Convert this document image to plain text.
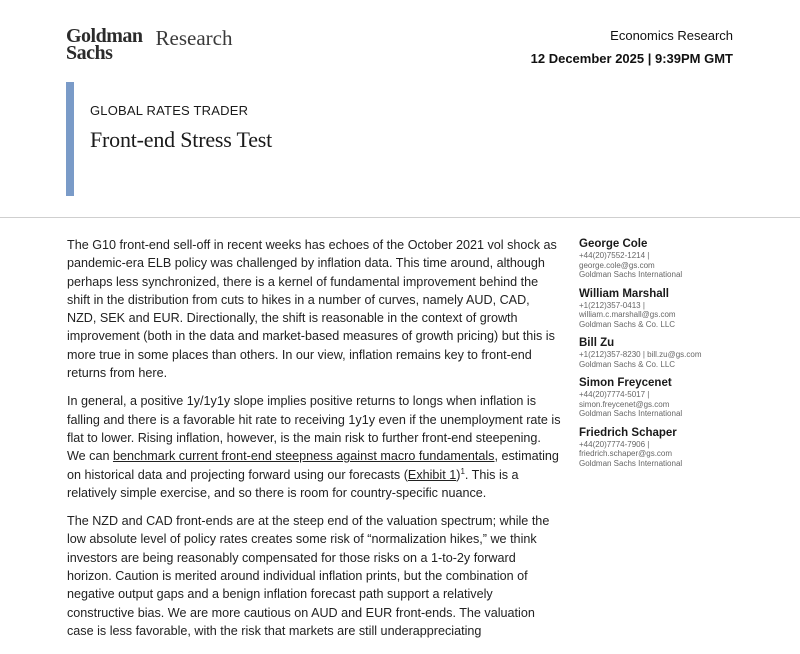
Goldman
Sachs
Research	Economics Research
12 December 2025 | 9:39PM GMT
GLOBAL RATES TRADER
Front-end Stress Test

The G10 front-end sell-off in recent weeks has echoes of the October 2021 vol shock as pandemic-era ELB policy was challenged by inflation data. This time around, although perhaps less synchronized, there is a kernel of fundamental improvement behind the shift in the distribution from cuts to hikes in a number of curves, namely AUD, CAD, NZD, SEK and EUR. Directionally, the shift is reasonable in the context of growth improvement (both in the data and market-based measures of growth pricing) but this is more true in some places than others. In our view, inflation remains key to front-end returns from here.

In general, a positive 1y/1y1y slope implies positive returns to longs when inflation is falling and there is a favorable hit rate to receiving 1y1y even if the unemployment rate is flat to lower. Rising inflation, however, is the main risk to further front-end steepening. We can benchmark current front-end steepness against macro fundamentals, estimating on historical data and projecting forward using our forecasts (Exhibit 1)$^1$. This is a relatively simple exercise, and so there is room for country-specific nuance.

The NZD and CAD front-ends are at the steep end of the valuation spectrum; while the low absolute level of policy rates creates some risk of “normalization hikes,” we think investors are being reasonably compensated for those risks on a 1-to-2y forward horizon. Caution is merited around individual inflation prints, but the combination of negative output gaps and a benign inflation forecast path support a relatively constructive bias. We are more cautious on AUD and EUR front-ends. The valuation case is less favorable, with the risk that markets are still underappreciating

George Cole
+44(20)7552-1214 |
george.cole@gs.com
Goldman Sachs International
William Marshall
+1(212)357-0413 |
william.c.marshall@gs.com
Goldman Sachs & Co. LLC
Bill Zu
+1(212)357-8230 | bill.zu@gs.com
Goldman Sachs & Co. LLC
Simon Freycenet
+44(20)7774-5017 |
simon.freycenet@gs.com
Goldman Sachs International
Friedrich Schaper
+44(20)7774-7906 |
friedrich.schaper@gs.com
Goldman Sachs International
